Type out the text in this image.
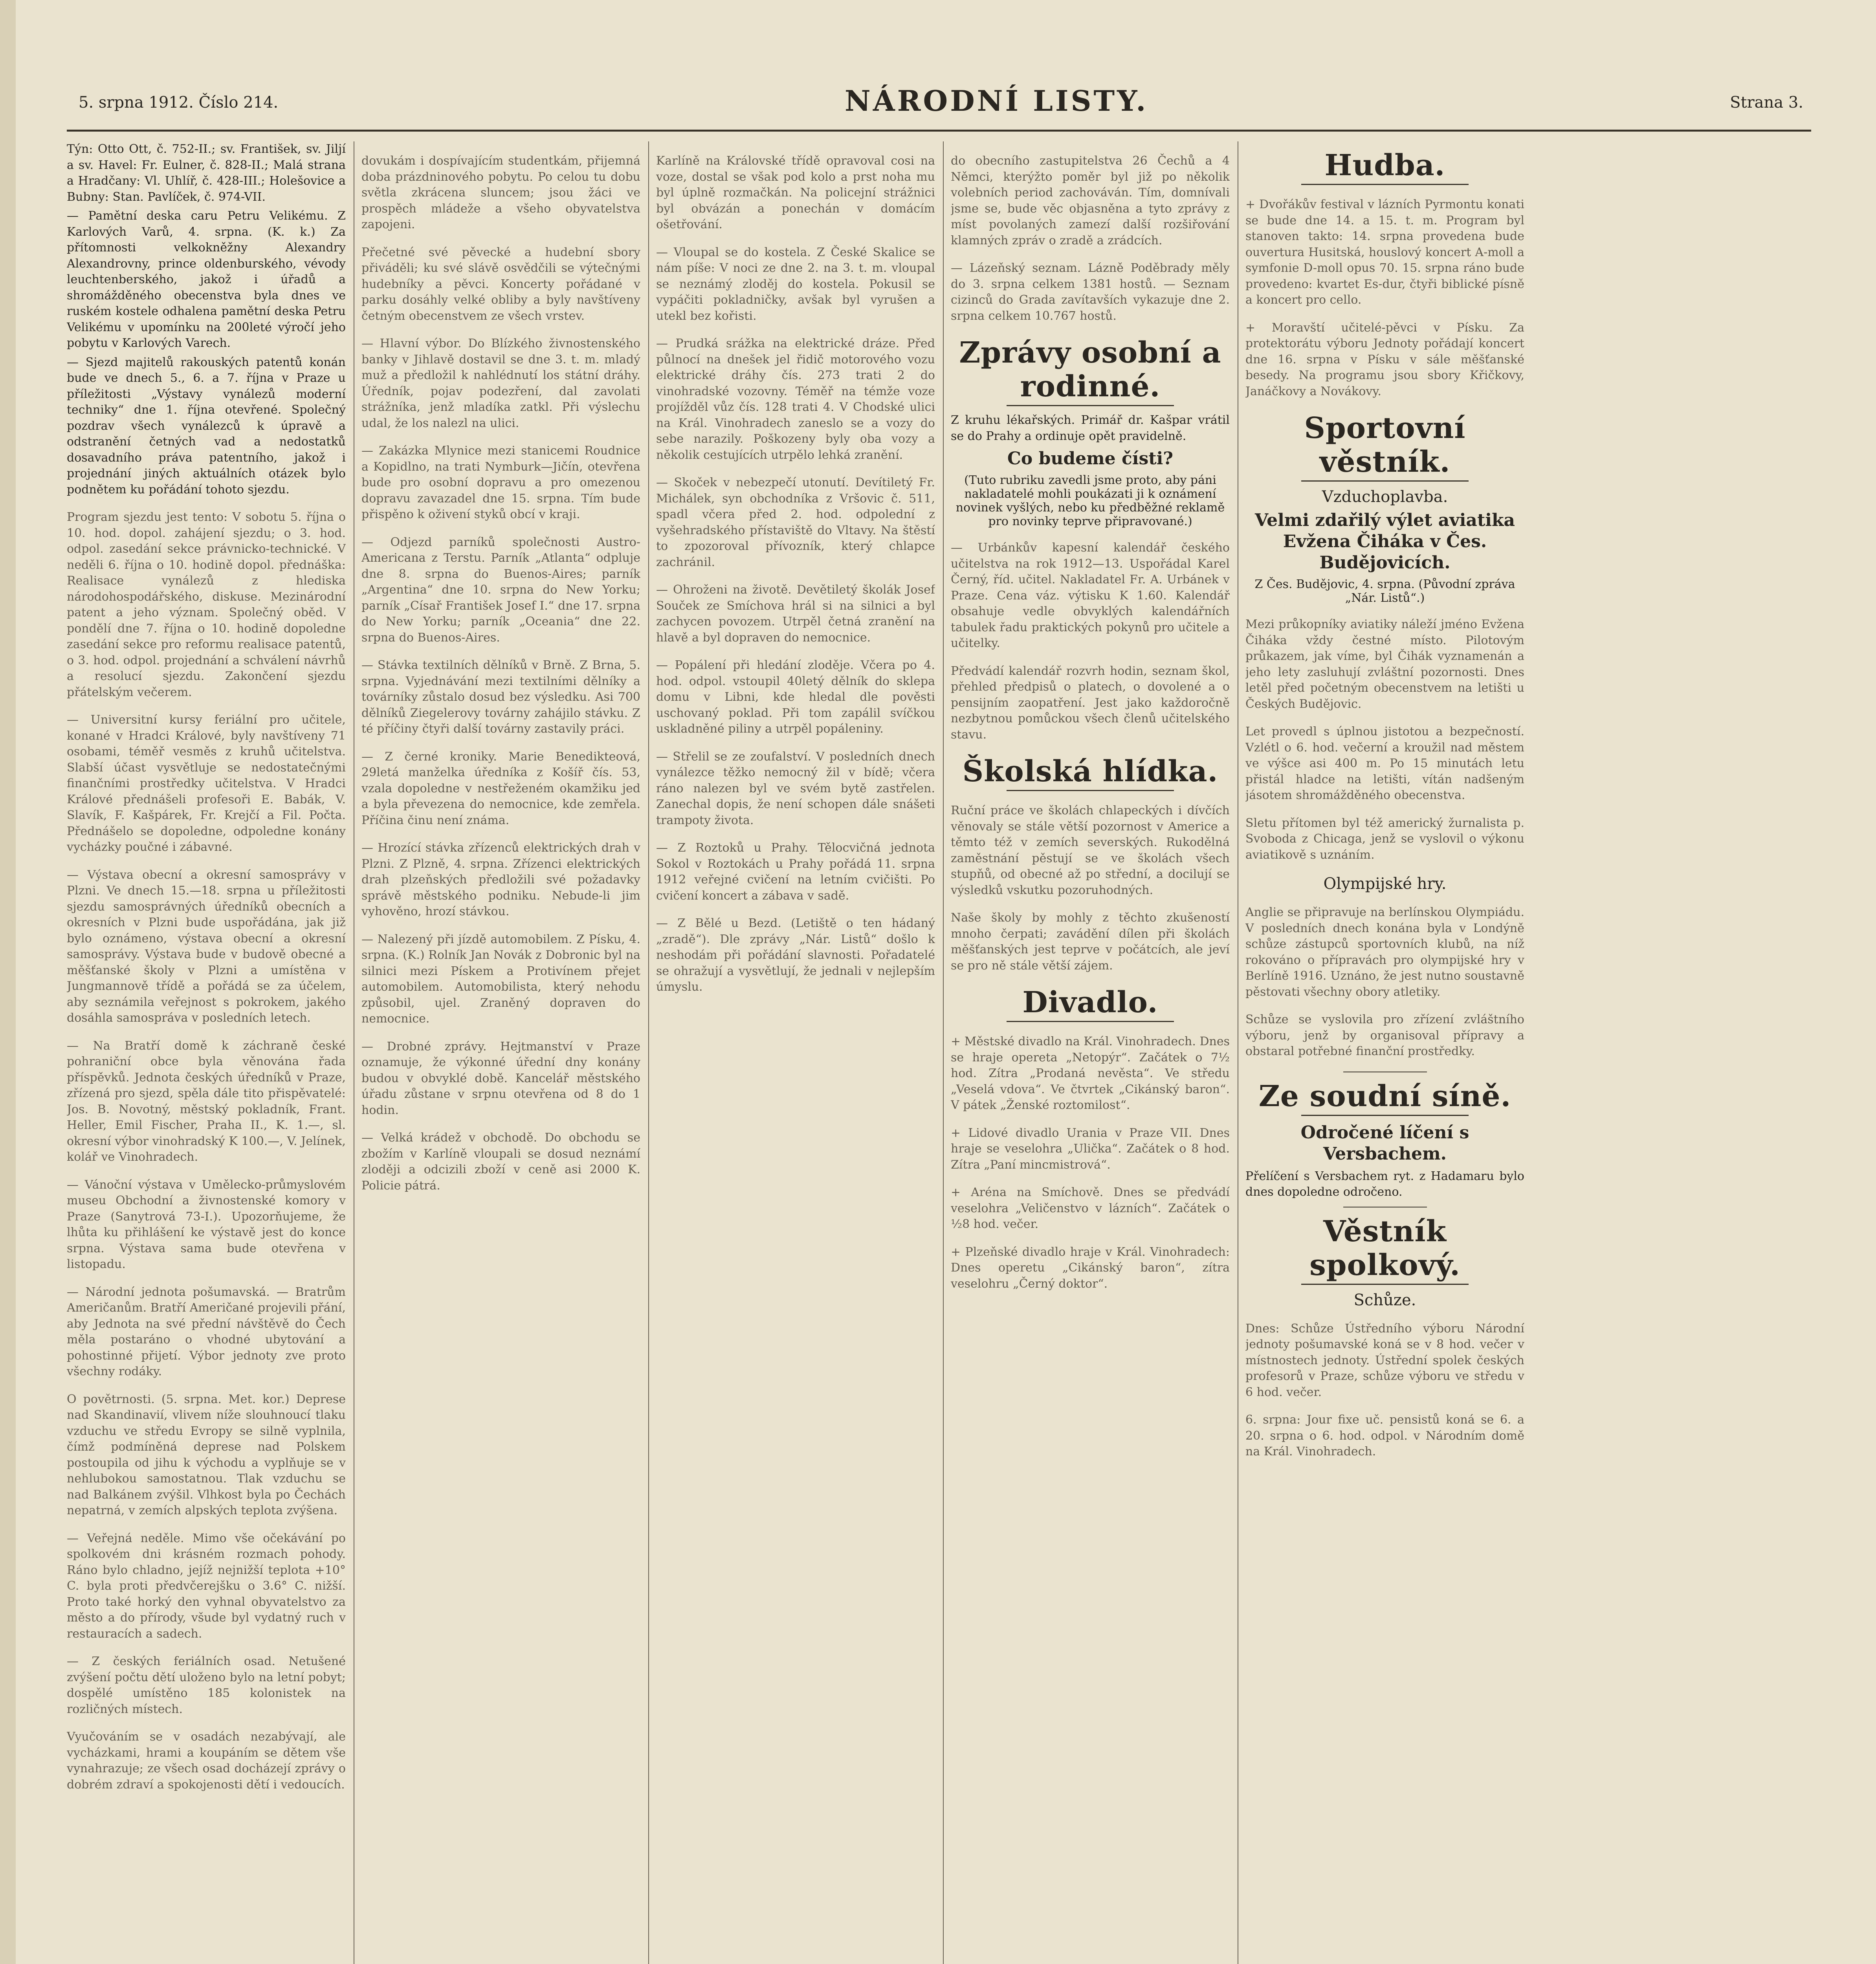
5. srpna 1912. Číslo 214.	NÁRODNÍ LISTY.	Strana 3.

Týn: Otto Ott, č. 752-II.; sv. František, sv. Jiljí a sv. Havel: Fr. Eulner, č. 828-II.; Malá strana a Hradčany: Vl. Uhlíř, č. 428-III.; Holešovice a Bubny: Stan. Pavlíček, č. 974-VII.

— Pamětní deska caru Petru Velikému. Z Karlových Varů, 4. srpna. (K. k.) Za přítomnosti velkokněžny Alexandry Alexandrovny, prince oldenburského, vévody leuchtenberského, jakož i úřadů a shromážděného obecenstva byla dnes ve ruském kostele odhalena pamětní deska Petru Velikému v upomínku na 200leté výročí jeho pobytu v Karlových Varech.

— Sjezd majitelů rakouských patentů konán bude ve dnech 5., 6. a 7. října v Praze u příležitosti „Výstavy vynálezů moderní techniky“ dne 1. října otevřené. Společný pozdrav všech vynálezců k úpravě a odstranění četných vad a nedostatků dosavadního práva patentního, jakož i projednání jiných aktuálních otázek bylo podnětem ku pořádání tohoto sjezdu.

Program sjezdu jest tento: V sobotu 5. října o 10. hod. dopol. zahájení sjezdu; o 3. hod. odpol. zasedání sekce právnicko-technické. V neděli 6. října o 10. hodině dopol. přednáška: Realisace vynálezů z hlediska národohospodářského, diskuse. Mezinárodní patent a jeho význam. Společný oběd. V pondělí dne 7. října o 10. hodině dopoledne zasedání sekce pro reformu realisace patentů, o 3. hod. odpol. projednání a schválení návrhů a resolucí sjezdu. Zakončení sjezdu přátelským večerem.

— Universitní kursy feriální pro učitele, konané v Hradci Králové, byly navštíveny 71 osobami, téměř vesměs z kruhů učitelstva. Slabší účast vysvětluje se nedostatečnými finančními prostředky učitelstva. V Hradci Králové přednášeli profesoři E. Babák, V. Slavík, F. Kašpárek, Fr. Krejčí a Fil. Počta. Přednášelo se dopoledne, odpoledne konány vycházky poučné i zábavné.

— Výstava obecní a okresní samosprávy v Plzni. Ve dnech 15.—18. srpna u příležitosti sjezdu samosprávných úředníků obecních a okresních v Plzni bude uspořádána, jak již bylo oznámeno, výstava obecní a okresní samosprávy. Výstava bude v budově obecné a měšťanské školy v Plzni a umístěna v Jungmannově třídě a pořádá se za účelem, aby seznámila veřejnost s pokrokem, jakého dosáhla samospráva v posledních letech.

— Na Bratří domě k záchraně české pohraniční obce byla věnována řada příspěvků. Jednota českých úředníků v Praze, zřízená pro sjezd, spěla dále tito přispěvatelé: Jos. B. Novotný, městský pokladník, Frant. Heller, Emil Fischer, Praha II., K. 1.—, sl. okresní výbor vinohradský K 100.—, V. Jelínek, kolář ve Vinohradech.

— Vánoční výstava v Umělecko-průmyslovém museu Obchodní a živnostenské komory v Praze (Sanytrová 73-I.). Upozorňujeme, že lhůta ku přihlášení ke výstavě jest do konce srpna. Výstava sama bude otevřena v listopadu.

— Národní jednota pošumavská. — Bratrům Američanům. Bratří Američané projevili přání, aby Jednota na své přední návštěvě do Čech měla postaráno o vhodné ubytování a pohostinné přijetí. Výbor jednoty zve proto všechny rodáky.

O povětrnosti. (5. srpna. Met. kor.) Deprese nad Skandinavií, vlivem níže slouhnoucí tlaku vzduchu ve středu Evropy se silně vyplnila, čímž podmíněná deprese nad Polskem postoupila od jihu k východu a vyplňuje se v nehlubokou samostatnou. Tlak vzduchu se nad Balkánem zvýšil. Vlhkost byla po Čechách nepatrná, v zemích alpských teplota zvýšena.

— Veřejná neděle. Mimo vše očekávání po spolkovém dni krásném rozmach pohody. Ráno bylo chladno, jejíž nejnižší teplota +10° C. byla proti předvčerejšku o 3.6° C. nižší. Proto také horký den vyhnal obyvatelstvo za město a do přírody, všude byl vydatný ruch v restauracích a sadech.

— Z českých feriálních osad. Netušené zvýšení počtu dětí uloženo bylo na letní pobyt; dospělé umístěno 185 kolonistek na rozličných místech.

Vyučováním se v osadách nezabývají, ale vycházkami, hrami a koupáním se dětem vše vynahrazuje; ze všech osad docházejí zprávy o dobrém zdraví a spokojenosti dětí i vedoucích.

dovukám i dospívajícím studentkám, přijemná doba prázdninového pobytu. Po celou tu dobu světla zkrácena sluncem; jsou žáci ve prospěch mládeže a všeho obyvatelstva zapojeni.

Přečetné své pěvecké a hudební sbory přiváděli; ku své slávě osvědčili se výtečnými hudebníky a pěvci. Koncerty pořádané v parku dosáhly velké obliby a byly navštíveny četným obecenstvem ze všech vrstev.

— Hlavní výbor. Do Blízkého živnostenského banky v Jihlavě dostavil se dne 3. t. m. mladý muž a předložil k nahlédnutí los státní dráhy. Úředník, pojav podezření, dal zavolati strážníka, jenž mladíka zatkl. Při výslechu udal, že los nalezl na ulici.

— Zakázka Mlynice mezi stanicemi Roudnice a Kopidlno, na trati Nymburk—Jičín, otevřena bude pro osobní dopravu a pro omezenou dopravu zavazadel dne 15. srpna. Tím bude přispěno k oživení styků obcí v kraji.

— Odjezd parníků společnosti Austro-Americana z Terstu. Parník „Atlanta“ odpluje dne 8. srpna do Buenos-Aires; parník „Argentina“ dne 10. srpna do New Yorku; parník „Císař František Josef I.“ dne 17. srpna do New Yorku; parník „Oceania“ dne 22. srpna do Buenos-Aires.

— Stávka textilních dělníků v Brně. Z Brna, 5. srpna. Vyjednávání mezi textilními dělníky a továrníky zůstalo dosud bez výsledku. Asi 700 dělníků Ziegelerovy továrny zahájilo stávku. Z té příčiny čtyři další továrny zastavily práci.

— Z černé kroniky. Marie Benedikteová, 29letá manželka úředníka z Košíř čís. 53, vzala dopoledne v nestřeženém okamžiku jed a byla převezena do nemocnice, kde zemřela. Příčina činu není známa.

— Hrozící stávka zřízenců elektrických drah v Plzni. Z Plzně, 4. srpna. Zřízenci elektrických drah plzeňských předložili své požadavky správě městského podniku. Nebude-li jim vyhověno, hrozí stávkou.

— Nalezený při jízdě automobilem. Z Písku, 4. srpna. (K.) Rolník Jan Novák z Dobronic byl na silnici mezi Pískem a Protivínem přejet automobilem. Automobilista, který nehodu způsobil, ujel. Zraněný dopraven do nemocnice.

— Drobné zprávy. Hejtmanství v Praze oznamuje, že výkonné úřední dny konány budou v obvyklé době. Kancelář městského úřadu zůstane v srpnu otevřena od 8 do 1 hodin.

— Velká krádež v obchodě. Do obchodu se zbožím v Karlíně vloupali se dosud neznámí zloději a odcizili zboží v ceně asi 2000 K. Policie pátrá.

Karlíně na Královské třídě opravoval cosi na voze, dostal se však pod kolo a prst noha mu byl úplně rozmačkán. Na policejní strážnici byl obvázán a ponechán v domácím ošetřování.

— Vloupal se do kostela. Z České Skalice se nám píše: V noci ze dne 2. na 3. t. m. vloupal se neznámý zloděj do kostela. Pokusil se vypáčiti pokladničky, avšak byl vyrušen a utekl bez kořisti.

— Prudká srážka na elektrické dráze. Před půlnocí na dnešek jel řidič motorového vozu elektrické dráhy čís. 273 trati 2 do vinohradské vozovny. Téměř na témže voze projížděl vůz čís. 128 trati 4. V Chodské ulici na Král. Vinohradech zaneslo se a vozy do sebe narazily. Poškozeny byly oba vozy a několik cestujících utrpělo lehká zranění.

— Skoček v nebezpečí utonutí. Devítiletý Fr. Michálek, syn obchodníka z Vršovic č. 511, spadl včera před 2. hod. odpolední z vyšehradského přístaviště do Vltavy. Na štěstí to zpozoroval přívozník, který chlapce zachránil.

— Ohroženi na životě. Devětiletý školák Josef Souček ze Smíchova hrál si na silnici a byl zachycen povozem. Utrpěl četná zranění na hlavě a byl dopraven do nemocnice.

— Popálení při hledání zloděje. Včera po 4. hod. odpol. vstoupil 40letý dělník do sklepa domu v Libni, kde hledal dle pověsti uschovaný poklad. Při tom zapálil svíčkou uskladněné piliny a utrpěl popáleniny.

— Střelil se ze zoufalství. V posledních dnech vynálezce těžko nemocný žil v bídě; včera ráno nalezen byl ve svém bytě zastřelen. Zanechal dopis, že není schopen dále snášeti trampoty života.

— Z Roztoků u Prahy. Tělocvičná jednota Sokol v Roztokách u Prahy pořádá 11. srpna 1912 veřejné cvičení na letním cvičišti. Po cvičení koncert a zábava v sadě.

— Z Bělé u Bezd. (Letiště o ten hádaný „zradě“). Dle zprávy „Nár. Listů“ došlo k neshodám při pořádání slavnosti. Pořadatelé se ohražují a vysvětlují, že jednali v nejlepším úmyslu.

do obecního zastupitelstva 26 Čechů a 4 Němci, kterýžto poměr byl již po několik volebních period zachováván. Tím, domnívali jsme se, bude věc objasněna a tyto zprávy z míst povolaných zamezí další rozšiřování klamných zpráv o zradě a zrádcích.

— Lázeňský seznam. Lázně Poděbrady měly do 3. srpna celkem 1381 hostů. — Seznam cizinců do Grada zavítavších vykazuje dne 2. srpna celkem 10.767 hostů.

Zprávy osobní a rodinné.

Z kruhu lékařských. Primář dr. Kašpar vrátil se do Prahy a ordinuje opět pravidelně.

Co budeme čísti?

(Tuto rubriku zavedli jsme proto, aby páni nakladatelé mohli poukázati ji k oznámení novinek vyšlých, nebo ku předběžné reklamě pro novinky teprve připravované.)

— Urbánkův kapesní kalendář českého učitelstva na rok 1912—13. Uspořádal Karel Černý, říd. učitel. Nakladatel Fr. A. Urbánek v Praze. Cena váz. výtisku K 1.60. Kalendář obsahuje vedle obvyklých kalendářních tabulek řadu praktických pokynů pro učitele a učitelky.

Předvádí kalendář rozvrh hodin, seznam škol, přehled předpisů o platech, o dovolené a o pensijním zaopatření. Jest jako každoročně nezbytnou pomůckou všech členů učitelského stavu.

Školská hlídka.

Ruční práce ve školách chlapeckých i dívčích věnovaly se stále větší pozornost v Americe a těmto též v zemích severských. Rukodělná zaměstnání pěstují se ve školách všech stupňů, od obecné až po střední, a docilují se výsledků vskutku pozoruhodných.

Naše školy by mohly z těchto zkušeností mnoho čerpati; zavádění dílen při školách měšťanských jest teprve v počátcích, ale jeví se pro ně stále větší zájem.

Divadlo.

+ Městské divadlo na Král. Vinohradech. Dnes se hraje opereta „Netopýr“. Začátek o 7½ hod. Zítra „Prodaná nevěsta“. Ve středu „Veselá vdova“. Ve čtvrtek „Cikánský baron“. V pátek „Ženské roztomilost“.

+ Lidové divadlo Urania v Praze VII. Dnes hraje se veselohra „Ulička“. Začátek o 8 hod. Zítra „Paní mincmistrová“.

+ Aréna na Smíchově. Dnes se předvádí veselohra „Veličenstvo v lázních“. Začátek o ½8 hod. večer.

+ Plzeňské divadlo hraje v Král. Vinohradech: Dnes operetu „Cikánský baron“, zítra veselohru „Černý doktor“.

Hudba.

+ Dvořákův festival v lázních Pyrmontu konati se bude dne 14. a 15. t. m. Program byl stanoven takto: 14. srpna provedena bude ouvertura Husitská, houslový koncert A-moll a symfonie D-moll opus 70. 15. srpna ráno bude provedeno: kvartet Es-dur, čtyři biblické písně a koncert pro cello.

+ Moravští učitelé-pěvci v Písku. Za protektorátu výboru Jednoty pořádají koncert dne 16. srpna v Písku v sále měšťanské besedy. Na programu jsou sbory Křičkovy, Janáčkovy a Novákovy.

Sportovní věstník.
Vzduchoplavba.
Velmi zdařilý výlet aviatika Evžena Čiháka v Čes. Budějovicích.

Z Čes. Budějovic, 4. srpna. (Původní zpráva „Nár. Listů“.)

Mezi průkopníky aviatiky náleží jméno Evžena Čiháka vždy čestné místo. Pilotovým průkazem, jak víme, byl Čihák vyznamenán a jeho lety zasluhují zvláštní pozornosti. Dnes letěl před početným obecenstvem na letišti u Českých Budějovic.

Let provedl s úplnou jistotou a bezpečností. Vzlétl o 6. hod. večerní a kroužil nad městem ve výšce asi 400 m. Po 15 minutách letu přistál hladce na letišti, vítán nadšeným jásotem shromážděného obecenstva.

Sletu přítomen byl též americký žurnalista p. Svoboda z Chicaga, jenž se vyslovil o výkonu aviatikově s uznáním.

Olympijské hry.

Anglie se připravuje na berlínskou Olympiádu. V posledních dnech konána byla v Londýně schůze zástupců sportovních klubů, na níž rokováno o přípravách pro olympijské hry v Berlíně 1916. Uznáno, že jest nutno soustavně pěstovati všechny obory atletiky.

Schůze se vyslovila pro zřízení zvláštního výboru, jenž by organisoval přípravy a obstaral potřebné finanční prostředky.

Ze soudní síně.
Odročené líčení s Versbachem.

Přelíčení s Versbachem ryt. z Hadamaru bylo dnes dopoledne odročeno.

Věstník spolkový.
Schůze.

Dnes: Schůze Ústředního výboru Národní jednoty pošumavské koná se v 8 hod. večer v místnostech jednoty. Ústřední spolek českých profesorů v Praze, schůze výboru ve středu v 6 hod. večer.

6. srpna: Jour fixe uč. pensistů koná se 6. a 20. srpna o 6. hod. odpol. v Národním domě na Král. Vinohradech.
